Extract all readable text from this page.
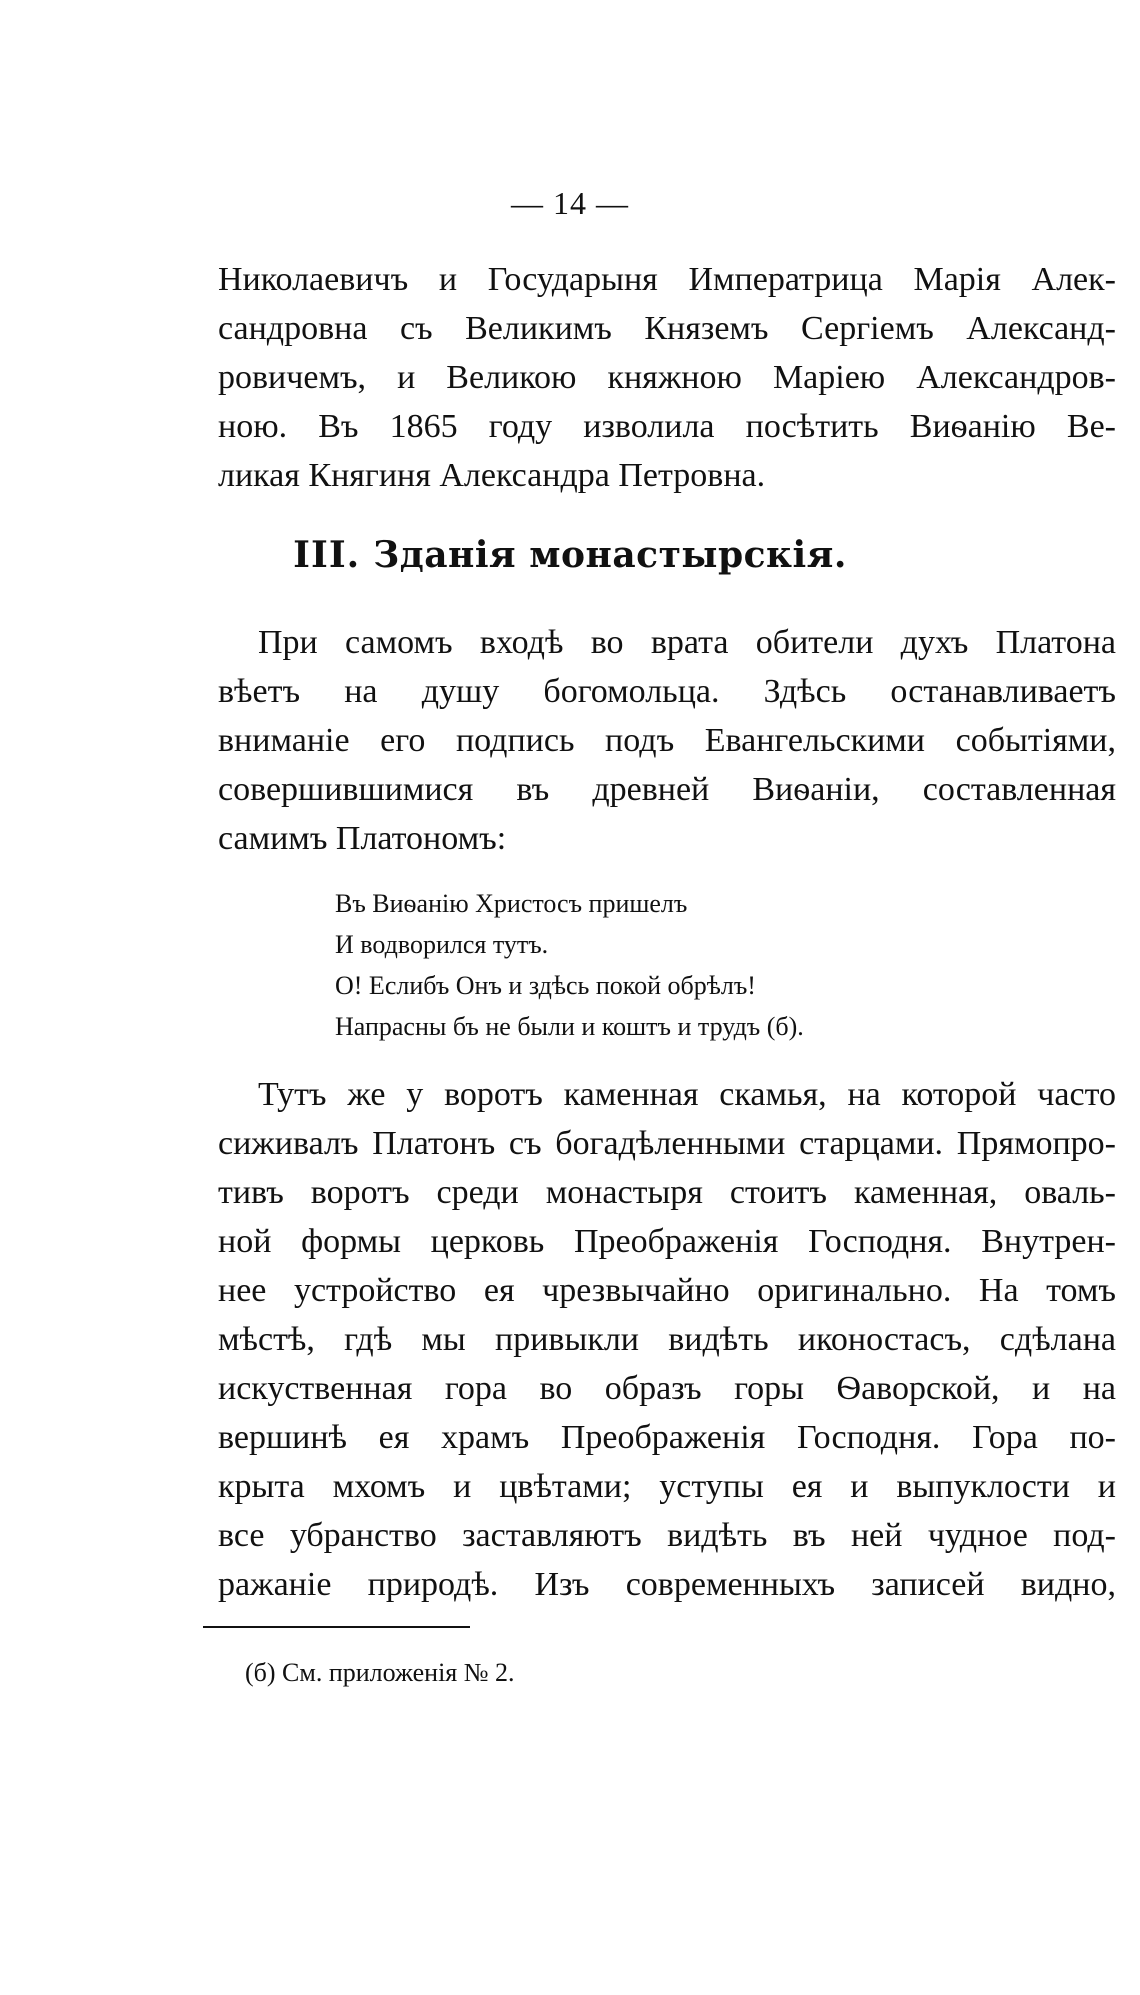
— 14 —
Николаевичъ и Государыня Императрица Марія Алек-
сандровна съ Великимъ Княземъ Сергіемъ Александ-
ровичемъ, и Великою княжною Маріею Александров-
ною. Въ 1865 году изволила посѣтить Виѳанію Ве-
ликая Княгиня Александра Петровна.
III. Зданія монастырскія.
При самомъ входѣ во врата обители духъ Платона
вѣетъ на душу богомольца. Здѣсь останавливаетъ
вниманіе его подпись подъ Евангельскими событіями,
совершившимися въ древней Виѳаніи, составленная
самимъ Платономъ:
Въ Виѳанію Христосъ пришелъ
И водворился тутъ.
О! Еслибъ Онъ и здѣсь покой обрѣлъ!
Напрасны бъ не были и коштъ и трудъ (б).
Тутъ же у воротъ каменная скамья, на которой часто
сиживалъ Платонъ съ богадѣленными старцами. Прямопро-
тивъ воротъ среди монастыря стоитъ каменная, оваль-
ной формы церковь Преображенія Господня. Внутрен-
нее устройство ея чрезвычайно оригинально. На томъ
мѣстѣ, гдѣ мы привыкли видѣть иконостасъ, сдѣлана
искуственная гора во образъ горы Ѳаворской, и на
вершинѣ ея храмъ Преображенія Господня. Гора по-
крыта мхомъ и цвѣтами; уступы ея и выпуклости и
все убранство заставляютъ видѣть въ ней чудное под-
ражаніе природѣ. Изъ современныхъ записей видно,
(б) См. приложенія № 2.
